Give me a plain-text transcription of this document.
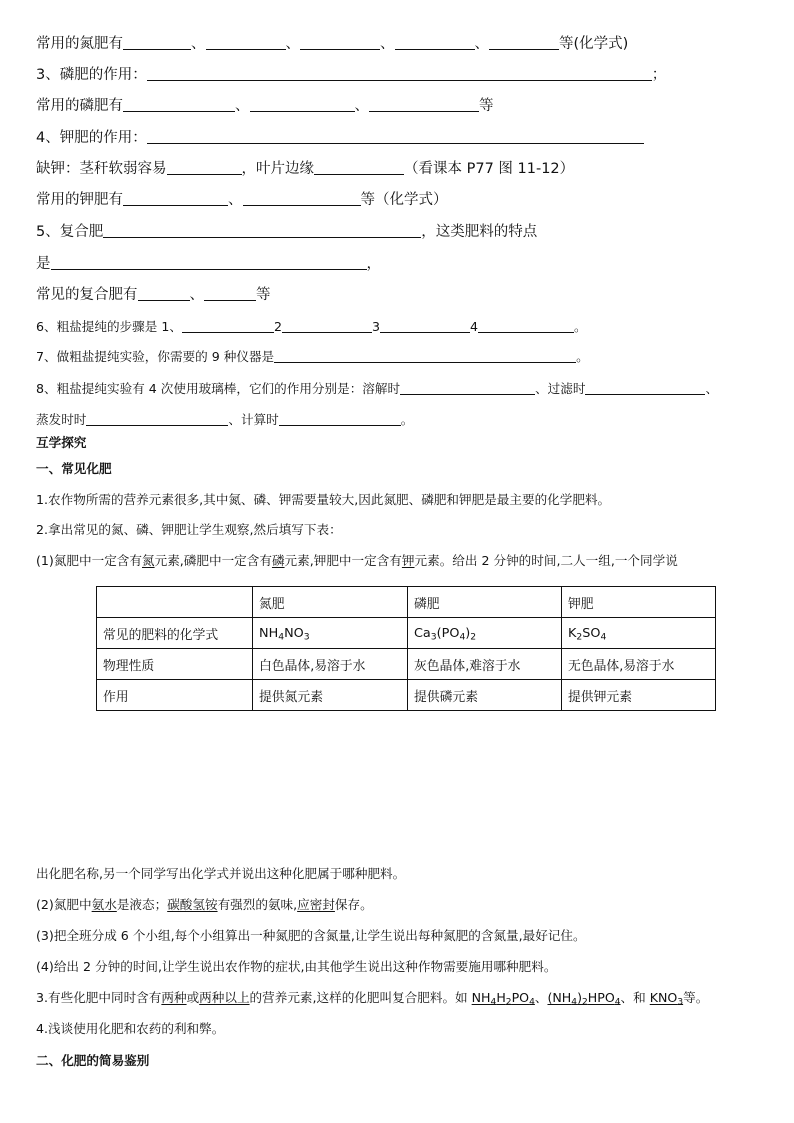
常用的氮肥有	、	、	、	、	等(化学式)
3、磷肥的作用：	；
常用的磷肥有	、	、	等
4、钾肥的作用：
缺钾：茎秆软弱容易	，叶片边缘	（看课本 P77 图 11-12）
常用的钾肥有	、	等（化学式）
5、复合肥	，这类肥料的特点
是	，
常见的复合肥有	、	等
6、粗盐提纯的步骤是 1、	2	3	4	。
7、做粗盐提纯实验，你需要的 9 种仪器是	。
8、粗盐提纯实验有 4 次使用玻璃棒，它们的作用分别是：溶解时	、过滤时	、
蒸发时时	、计算时	。
互学探究
一、常见化肥
1.农作物所需的营养元素很多,其中氮、磷、钾需要量较大,因此氮肥、磷肥和钾肥是最主要的化学肥料。
2.拿出常见的氮、磷、钾肥让学生观察,然后填写下表：
(1)氮肥中一定含有氮元素,磷肥中一定含有磷元素,钾肥中一定含有钾元素。给出 2 分钟的时间,二人一组,一个同学说
	氮肥	磷肥	钾肥
常见的肥料的化学式	$NH_4NO_3$	$Ca_3(PO_4)_2$	$K_2SO_4$
物理性质	白色晶体,易溶于水	灰色晶体,难溶于水	无色晶体,易溶于水
作用	提供氮元素	提供磷元素	提供钾元素
出化肥名称,另一个同学写出化学式并说出这种化肥属于哪种肥料。
(2)氮肥中氨水是液态；碳酸氢铵有强烈的氨味,应密封保存。
(3)把全班分成 6 个小组,每个小组算出一种氮肥的含氮量,让学生说出每种氮肥的含氮量,最好记住。
(4)给出 2 分钟的时间,让学生说出农作物的症状,由其他学生说出这种作物需要施用哪种肥料。
3.有些化肥中同时含有两种或两种以上的营养元素,这样的化肥叫复合肥料。如 $NH_4H_2PO_4$、$(NH_4)_2HPO_4$、和 $KNO_3$等。
4.浅谈使用化肥和农药的利和弊。
二、化肥的简易鉴别
